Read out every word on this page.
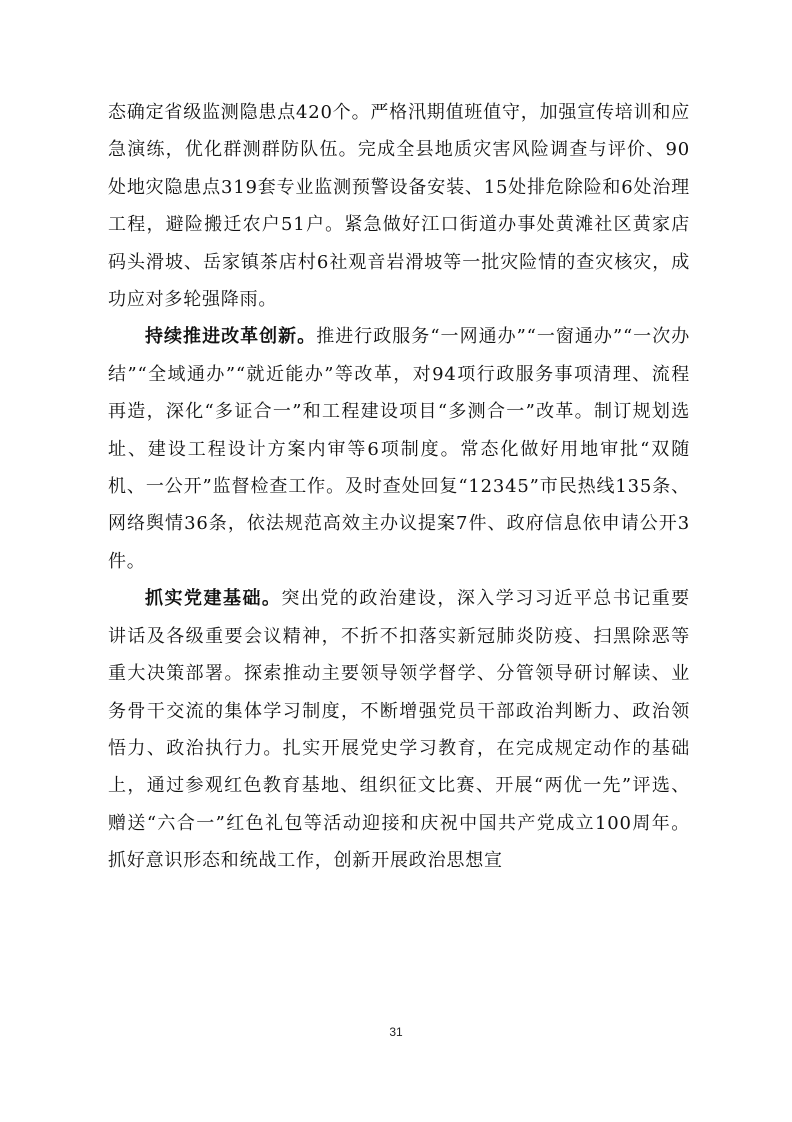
态确定省级监测隐患点420个。严格汛期值班值守，加强宣传培训和应急演练，优化群测群防队伍。完成全县地质灾害风险调查与评价、90处地灾隐患点319套专业监测预警设备安装、15处排危除险和6处治理工程，避险搬迁农户51户。紧急做好江口街道办事处黄滩社区黄家店码头滑坡、岳家镇茶店村6社观音岩滑坡等一批灾险情的查灾核灾，成功应对多轮强降雨。

持续推进改革创新。推进行政服务“一网通办”“一窗通办”“一次办结”“全域通办”“就近能办”等改革，对94项行政服务事项清理、流程再造，深化“多证合一”和工程建设项目“多测合一”改革。制订规划选址、建设工程设计方案内审等6项制度。常态化做好用地审批“双随机、一公开”监督检查工作。及时查处回复“12345”市民热线135条、网络舆情36条，依法规范高效主办议提案7件、政府信息依申请公开3件。

抓实党建基础。突出党的政治建设，深入学习习近平总书记重要讲话及各级重要会议精神，不折不扣落实新冠肺炎防疫、扫黑除恶等重大决策部署。探索推动主要领导领学督学、分管领导研讨解读、业务骨干交流的集体学习制度，不断增强党员干部政治判断力、政治领悟力、政治执行力。扎实开展党史学习教育，在完成规定动作的基础上，通过参观红色教育基地、组织征文比赛、开展“两优一先”评选、赠送“六合一”红色礼包等活动迎接和庆祝中国共产党成立100周年。抓好意识形态和统战工作，创新开展政治思想宣

31
